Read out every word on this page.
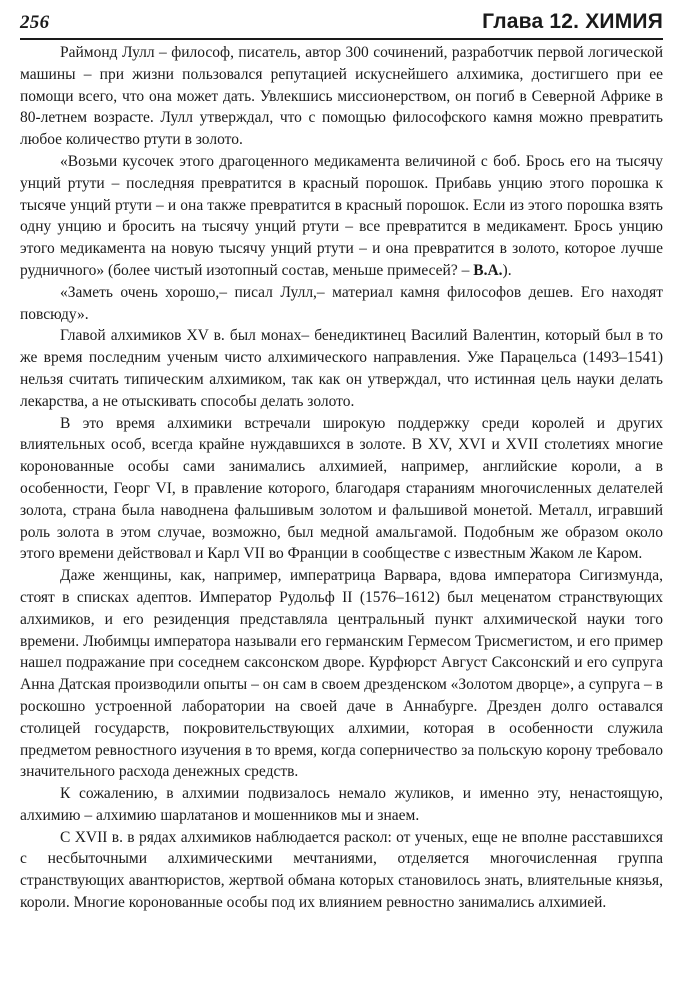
256	Глава 12. ХИМИЯ

Раймонд Лулл – философ, писатель, автор 300 сочинений, разработчик первой логической машины – при жизни пользовался репутацией искуснейшего алхимика, достигшего при ее помощи всего, что она может дать. Увлекшись миссионерством, он погиб в Северной Африке в 80-летнем возрасте. Лулл утверждал, что с помощью философского камня можно превратить любое количество ртути в золото.

«Возьми кусочек этого драгоценного медикамента величиной с боб. Брось его на тысячу унций ртути – последняя превратится в красный порошок. Прибавь унцию этого порошка к тысяче унций ртути – и она также превратится в красный порошок. Если из этого порошка взять одну унцию и бросить на тысячу унций ртути – все превратится в медикамент. Брось унцию этого медикамента на новую тысячу унций ртути – и она превратится в золото, которое лучше рудничного» (более чистый изотопный состав, меньше примесей? – В.А.).

«Заметь очень хорошо,– писал Лулл,– материал камня философов дешев. Его находят повсюду».

Главой алхимиков XV в. был монах– бенедиктинец Василий Валентин, который был в то же время последним ученым чисто алхимического направления. Уже Парацельса (1493–1541) нельзя считать типическим алхимиком, так как он утверждал, что истинная цель науки делать лекарства, а не отыскивать способы делать золото.

В это время алхимики встречали широкую поддержку среди королей и других влиятельных особ, всегда крайне нуждавшихся в золоте. В XV, XVI и XVII столетиях многие коронованные особы сами занимались алхимией, например, английские короли, а в особенности, Георг VI, в правление которого, благодаря стараниям многочисленных делателей золота, страна была наводнена фальшивым золотом и фальшивой монетой. Металл, игравший роль золота в этом случае, возможно, был медной амальгамой. Подобным же образом около этого времени действовал и Карл VII во Франции в сообществе с известным Жаком ле Каром.

Даже женщины, как, например, императрица Варвара, вдова императора Сигизмунда, стоят в списках адептов. Император Рудольф II (1576–1612) был меценатом странствующих алхимиков, и его резиденция представляла центральный пункт алхимической науки того времени. Любимцы императора называли его германским Гермесом Трисмегистом, и его пример нашел подражание при соседнем саксонском дворе. Курфюрст Август Саксонский и его супруга Анна Датская производили опыты – он сам в своем дрезденском «Золотом дворце», а супруга – в роскошно устроенной лаборатории на своей даче в Аннабурге. Дрезден долго оставался столицей государств, покровительствующих алхимии, которая в особенности служила предметом ревностного изучения в то время, когда соперничество за польскую корону требовало значительного расхода денежных средств.

К сожалению, в алхимии подвизалось немало жуликов, и именно эту, ненастоящую, алхимию – алхимию шарлатанов и мошенников мы и знаем.

С XVII в. в рядах алхимиков наблюдается раскол: от ученых, еще не вполне расставшихся с несбыточными алхимическими мечтаниями, отделяется многочисленная группа странствующих авантюристов, жертвой обмана которых становилось знать, влиятельные князья, короли. Многие коронованные особы под их влиянием ревностно занимались алхимией.
